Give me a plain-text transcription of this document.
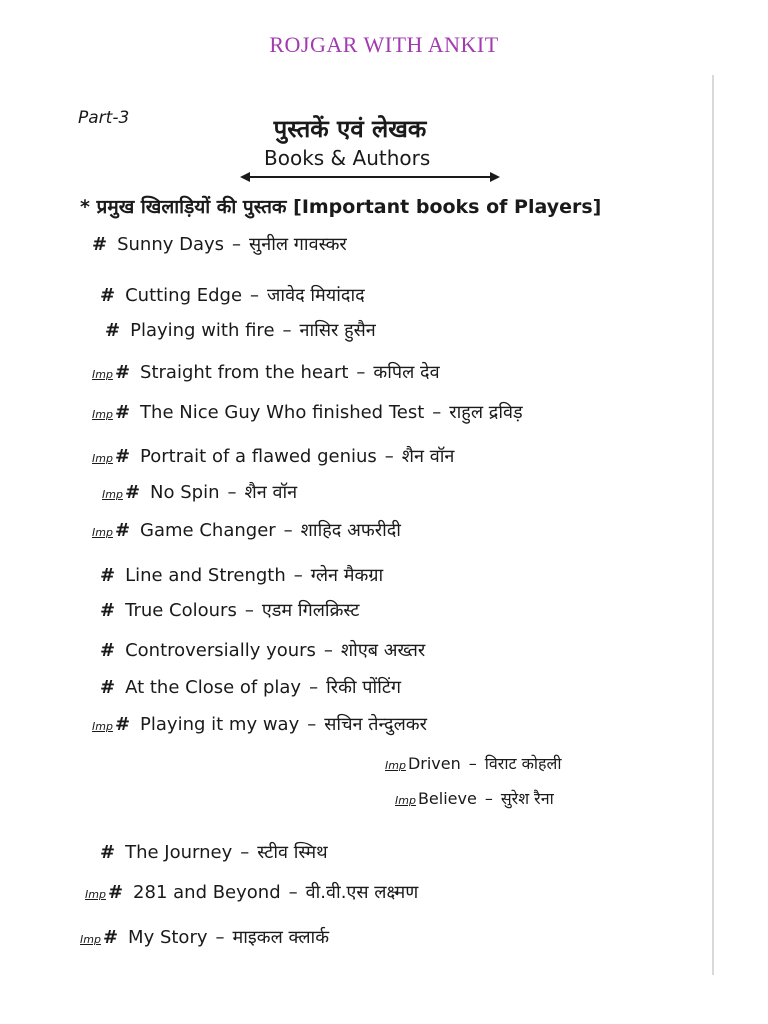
ROJGAR WITH ANKIT
Part-3	पुस्तकें एवं लेखक
Books & Authors
* प्रमुख खिलाड़ियों की पुस्तक [Important books of Players]
# Sunny Days – सुनील गावस्कर
# Cutting Edge – जावेद मियांदाद
# Playing with fire – नासिर हुसैन
Imp # Straight from the heart – कपिल देव
Imp # The Nice Guy Who finished Test – राहुल द्रविड़
Imp # Portrait of a flawed genius – शैन वॉन
Imp # No Spin – शैन वॉन
Imp # Game Changer – शाहिद अफरीदी
# Line and Strength – ग्लेन मैकग्रा
# True Colours – एडम गिलक्रिस्ट
# Controversially yours – शोएब अख्तर
# At the Close of play – रिकी पोंटिंग
Imp # Playing it my way – सचिन तेन्दुलकर
Imp Driven – विराट कोहली
Imp Believe – सुरेश रैना
# The Journey – स्टीव स्मिथ
Imp # 281 and Beyond – वी.वी.एस लक्ष्मण
Imp # My Story – माइकल क्लार्क
